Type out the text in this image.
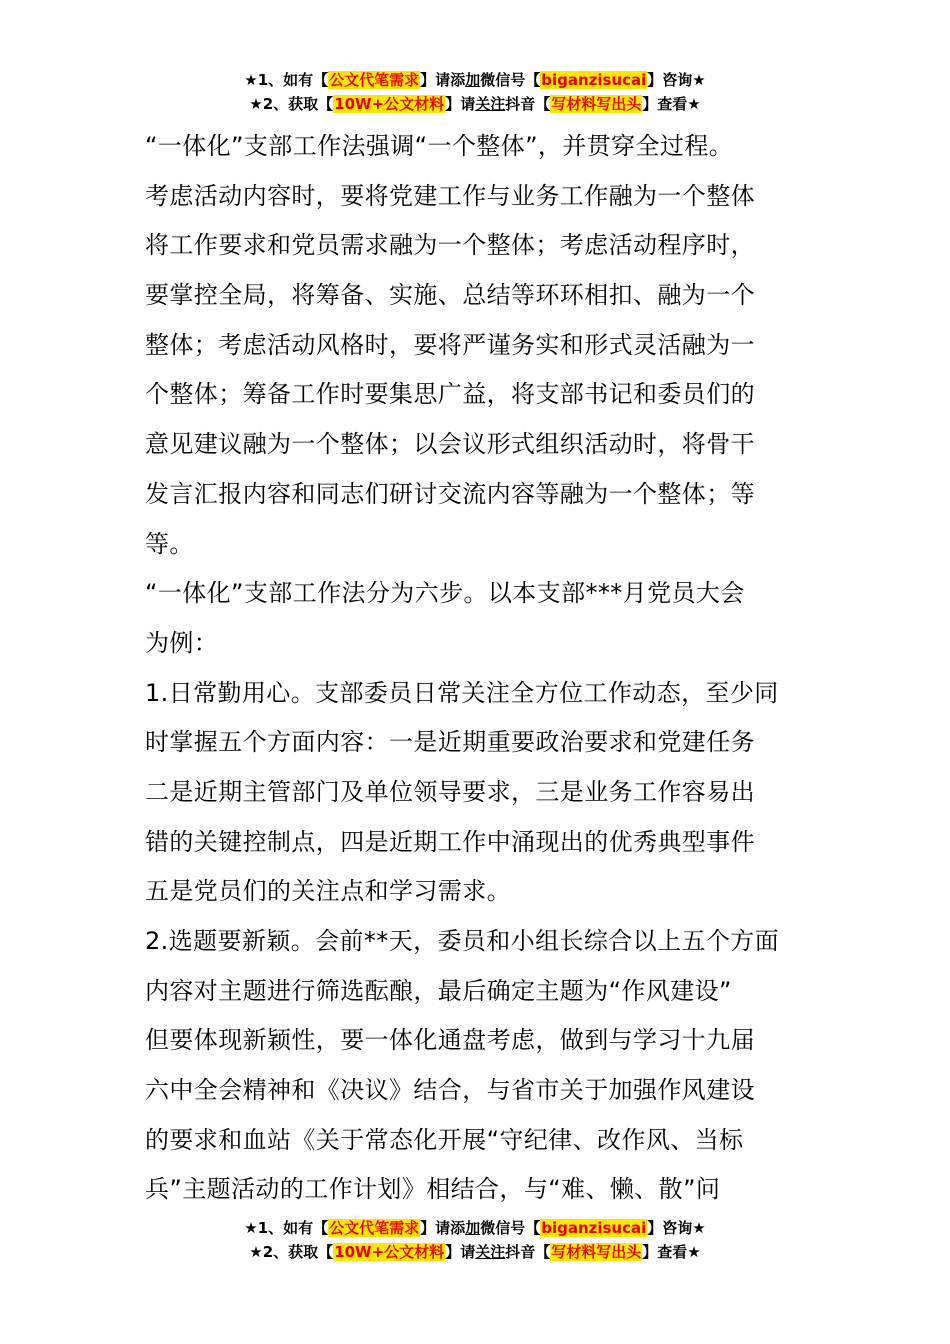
★1、如有【公文代笔需求】请添加微信号【biganzisucai】咨询★
★2、获取【10W+公文材料】请关注抖音【写材料写出头】查看★
“一体化”支部工作法强调“一个整体”，并贯穿全过程。
考虑活动内容时，要将党建工作与业务工作融为一个整体
将工作要求和党员需求融为一个整体；考虑活动程序时，
要掌控全局，将筹备、实施、总结等环环相扣、融为一个
整体；考虑活动风格时，要将严谨务实和形式灵活融为一
个整体；筹备工作时要集思广益，将支部书记和委员们的
意见建议融为一个整体；以会议形式组织活动时，将骨干
发言汇报内容和同志们研讨交流内容等融为一个整体；等
等。
“一体化”支部工作法分为六步。以本支部***月党员大会
为例：
1.日常勤用心。支部委员日常关注全方位工作动态，至少同
时掌握五个方面内容：一是近期重要政治要求和党建任务
二是近期主管部门及单位领导要求，三是业务工作容易出
错的关键控制点，四是近期工作中涌现出的优秀典型事件
五是党员们的关注点和学习需求。
2.选题要新颖。会前**天，委员和小组长综合以上五个方面
内容对主题进行筛选酝酿，最后确定主题为“作风建设”
但要体现新颖性，要一体化通盘考虑，做到与学习十九届
六中全会精神和《决议》结合，与省市关于加强作风建设
的要求和血站《关于常态化开展“守纪律、改作风、当标
兵”主题活动的工作计划》相结合，与“难、懒、散”问
★1、如有【公文代笔需求】请添加微信号【biganzisucai】咨询★
★2、获取【10W+公文材料】请关注抖音【写材料写出头】查看★
